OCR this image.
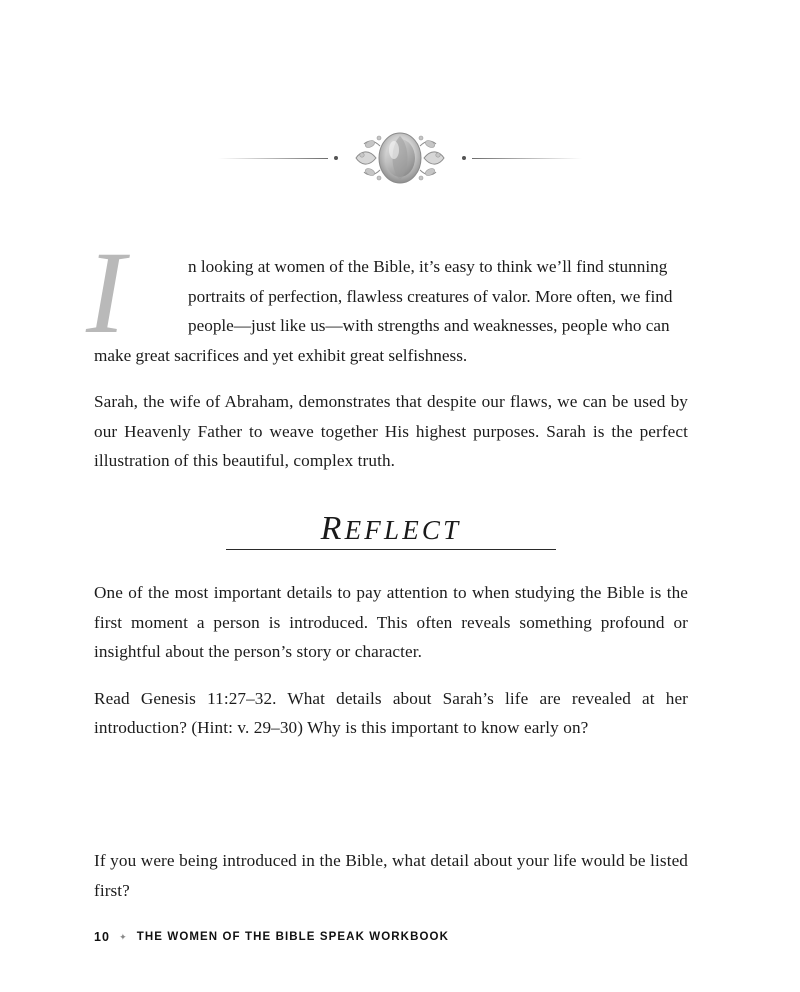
I	n looking at women of the Bible, it’s easy to think we’ll find stunning
portraits of perfection, flawless creatures of valor. More often, we find
people—just like us—with strengths and weaknesses, people who can
make great sacrifices and yet exhibit great selfishness.

Sarah, the wife of Abraham, demonstrates that despite our flaws, we can be used by our Heavenly Father to weave together His highest purposes. Sarah is the perfect illustration of this beautiful, complex truth.

REFLECT

One of the most important details to pay attention to when studying the Bible is the first moment a person is introduced. This often reveals something profound or insightful about the person’s story or character.

Read Genesis 11:27–32. What details about Sarah’s life are revealed at her introduction? (Hint: v. 29–30) Why is this important to know early on?

If you were being introduced in the Bible, what detail about your life would be listed first?

10 ✦ THE WOMEN OF THE BIBLE SPEAK WORKBOOK
